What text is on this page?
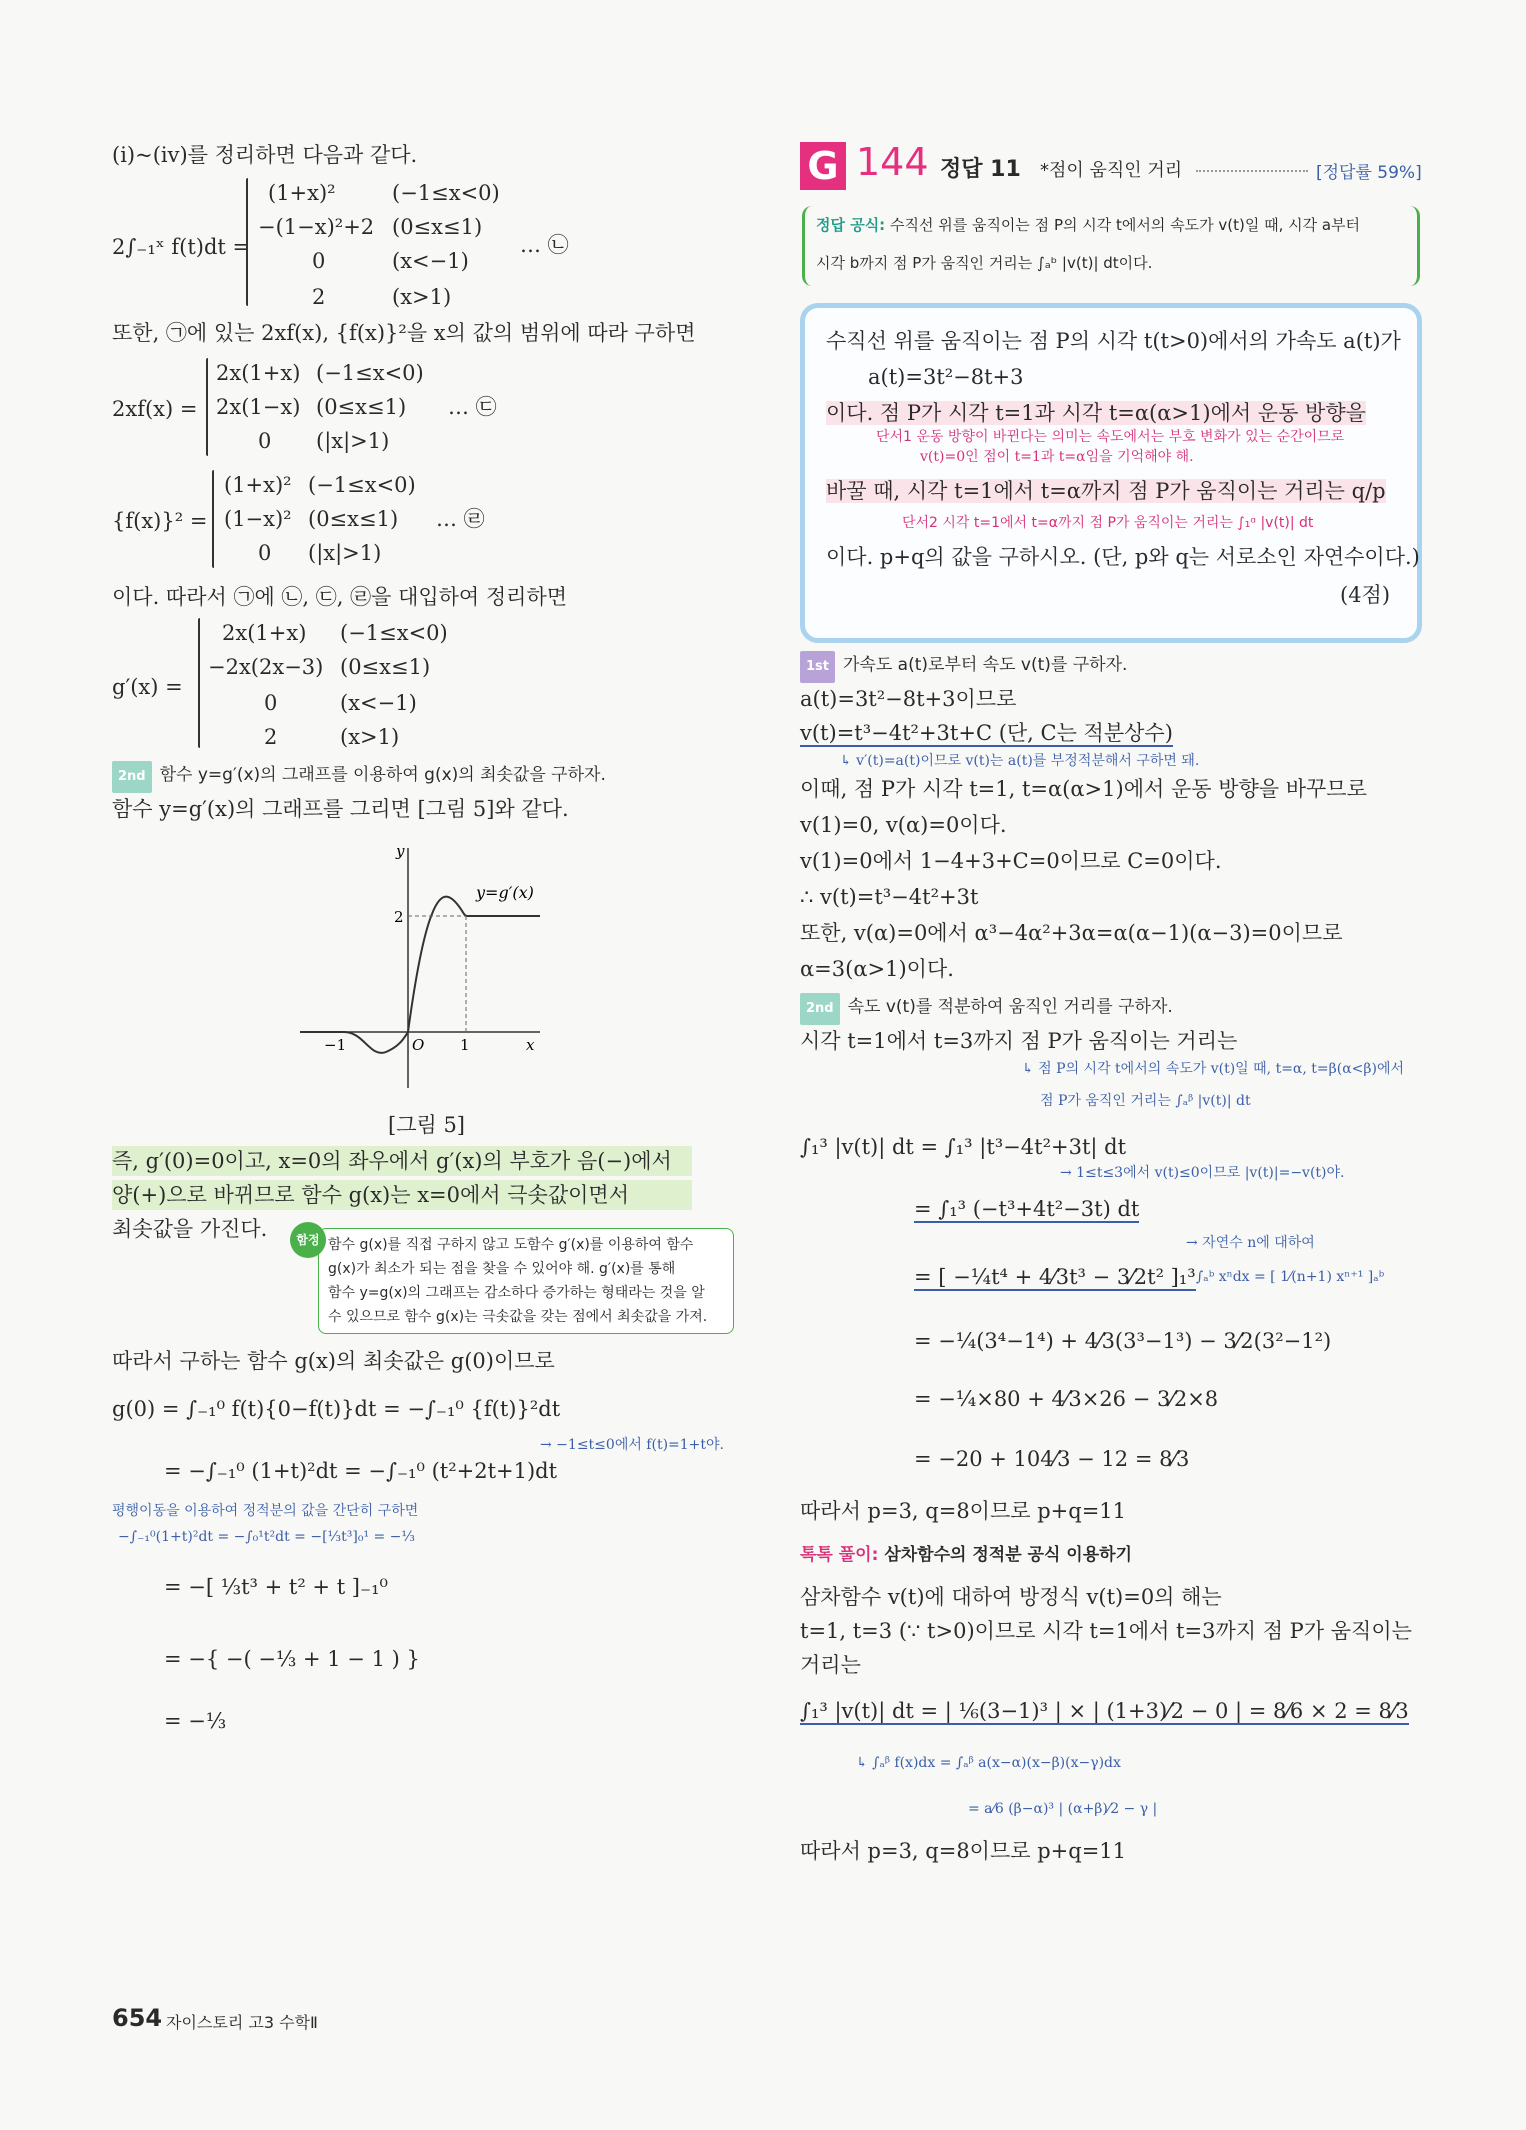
(ⅰ)~(ⅳ)를 정리하면 다음과 같다.
2∫₋₁ˣ f(t)dt =
(1+x)²	(−1≤x<0)
−(1−x)²+2 (0≤x≤1)
0	(x<−1)
2	(x>1)
… ㉡
또한, ㉠에 있는 2xf(x), {f(x)}²을 x의 값의 범위에 따라 구하면
2xf(x) =
2x(1+x) (−1≤x<0)
2x(1−x) (0≤x≤1)
0 (|x|>1)
… ㉢
{f(x)}² =
(1+x)² (−1≤x<0)
(1−x)² (0≤x≤1)
0 (|x|>1)
… ㉣
이다. 따라서 ㉠에 ㉡, ㉢, ㉣을 대입하여 정리하면
g′(x) =
2x(1+x) (−1≤x<0)
−2x(2x−3) (0≤x≤1)
0	(x<−1)
2	(x>1)
2nd 함수 y=g′(x)의 그래프를 이용하여 g(x)의 최솟값을 구하자.
함수 y=g′(x)의 그래프를 그리면 [그림 5]와 같다.
y
x
y=g′(x)
2
−1	O 1
[그림 5]
즉, g′(0)=0이고, x=0의 좌우에서 g′(x)의 부호가 음(−)에서
양(+)으로 바뀌므로 함수 g(x)는 x=0에서 극솟값이면서
최솟값을 가진다.	함정 함수 g(x)를 직접 구하지 않고 도함수 g′(x)를 이용하여 함수
g(x)가 최소가 되는 점을 찾을 수 있어야 해. g′(x)를 통해
함수 y=g(x)의 그래프는 감소하다 증가하는 형태라는 것을 알
수 있으므로 함수 g(x)는 극솟값을 갖는 점에서 최솟값을 가져.
따라서 구하는 함수 g(x)의 최솟값은 g(0)이므로
g(0) = ∫₋₁⁰ f(t){0−f(t)}dt = −∫₋₁⁰ {f(t)}²dt
→ −1≤t≤0에서 f(t)=1+t야.
= −∫₋₁⁰ (1+t)²dt = −∫₋₁⁰ (t²+2t+1)dt
평행이동을 이용하여 정적분의 값을 간단히 구하면
−∫₋₁⁰(1+t)²dt = −∫₀¹t²dt = −[⅓t³]₀¹ = −⅓
= −[ ⅓t³ + t² + t ]₋₁⁰
= −{ −( −⅓ + 1 − 1 ) }
= −⅓
G 144 정답 11 *점이 움직인 거리	[정답률 59%]
정답 공식: 수직선 위를 움직이는 점 P의 시각 t에서의 속도가 v(t)일 때, 시각 a부터
시각 b까지 점 P가 움직인 거리는 ∫ₐᵇ |v(t)| dt이다.
수직선 위를 움직이는 점 P의 시각 t(t>0)에서의 가속도 a(t)가
a(t)=3t²−8t+3
이다. 점 P가 시각 t=1과 시각 t=α(α>1)에서 운동 방향을
단서1 운동 방향이 바뀐다는 의미는 속도에서는 부호 변화가 있는 순간이므로
v(t)=0인 점이 t=1과 t=α임을 기억해야 해.
바꿀 때, 시각 t=1에서 t=α까지 점 P가 움직이는 거리는 q/p
단서2 시각 t=1에서 t=α까지 점 P가 움직이는 거리는 ∫₁ᵅ |v(t)| dt
이다. p+q의 값을 구하시오. (단, p와 q는 서로소인 자연수이다.)
(4점)
1st 가속도 a(t)로부터 속도 v(t)를 구하자.
a(t)=3t²−8t+3이므로
v(t)=t³−4t²+3t+C (단, C는 적분상수)
↳ v′(t)=a(t)이므로 v(t)는 a(t)를 부정적분해서 구하면 돼.
이때, 점 P가 시각 t=1, t=α(α>1)에서 운동 방향을 바꾸므로
v(1)=0, v(α)=0이다.
v(1)=0에서 1−4+3+C=0이므로 C=0이다.
∴ v(t)=t³−4t²+3t
또한, v(α)=0에서 α³−4α²+3α=α(α−1)(α−3)=0이므로
α=3(α>1)이다.
2nd 속도 v(t)를 적분하여 움직인 거리를 구하자.
시각 t=1에서 t=3까지 점 P가 움직이는 거리는
↳ 점 P의 시각 t에서의 속도가 v(t)일 때, t=α, t=β(α<β)에서
점 P가 움직인 거리는 ∫ₐᵝ |v(t)| dt
∫₁³ |v(t)| dt = ∫₁³ |t³−4t²+3t| dt
→ 1≤t≤3에서 v(t)≤0이므로 |v(t)|=−v(t)야.
= ∫₁³ (−t³+4t²−3t) dt
= [ −¼t⁴ + 4⁄3t³ − 3⁄2t² ]₁³
→ 자연수 n에 대하여
∫ₐᵇ xⁿdx = [ 1⁄(n+1) xⁿ⁺¹ ]ₐᵇ
= −¼(3⁴−1⁴) + 4⁄3(3³−1³) − 3⁄2(3²−1²)
= −¼×80 + 4⁄3×26 − 3⁄2×8
= −20 + 104⁄3 − 12 = 8⁄3
따라서 p=3, q=8이므로 p+q=11
톡톡 풀이: 삼차함수의 정적분 공식 이용하기
삼차함수 v(t)에 대하여 방정식 v(t)=0의 해는
t=1, t=3 (∵ t>0)이므로 시각 t=1에서 t=3까지 점 P가 움직이는
거리는
∫₁³ |v(t)| dt = | ⅙(3−1)³ | × | (1+3)⁄2 − 0 | = 8⁄6 × 2 = 8⁄3
↳ ∫ₐᵝ f(x)dx = ∫ₐᵝ a(x−α)(x−β)(x−γ)dx
= a⁄6 (β−α)³ | (α+β)⁄2 − γ |
따라서 p=3, q=8이므로 p+q=11
654 자이스토리 고3 수학Ⅱ
